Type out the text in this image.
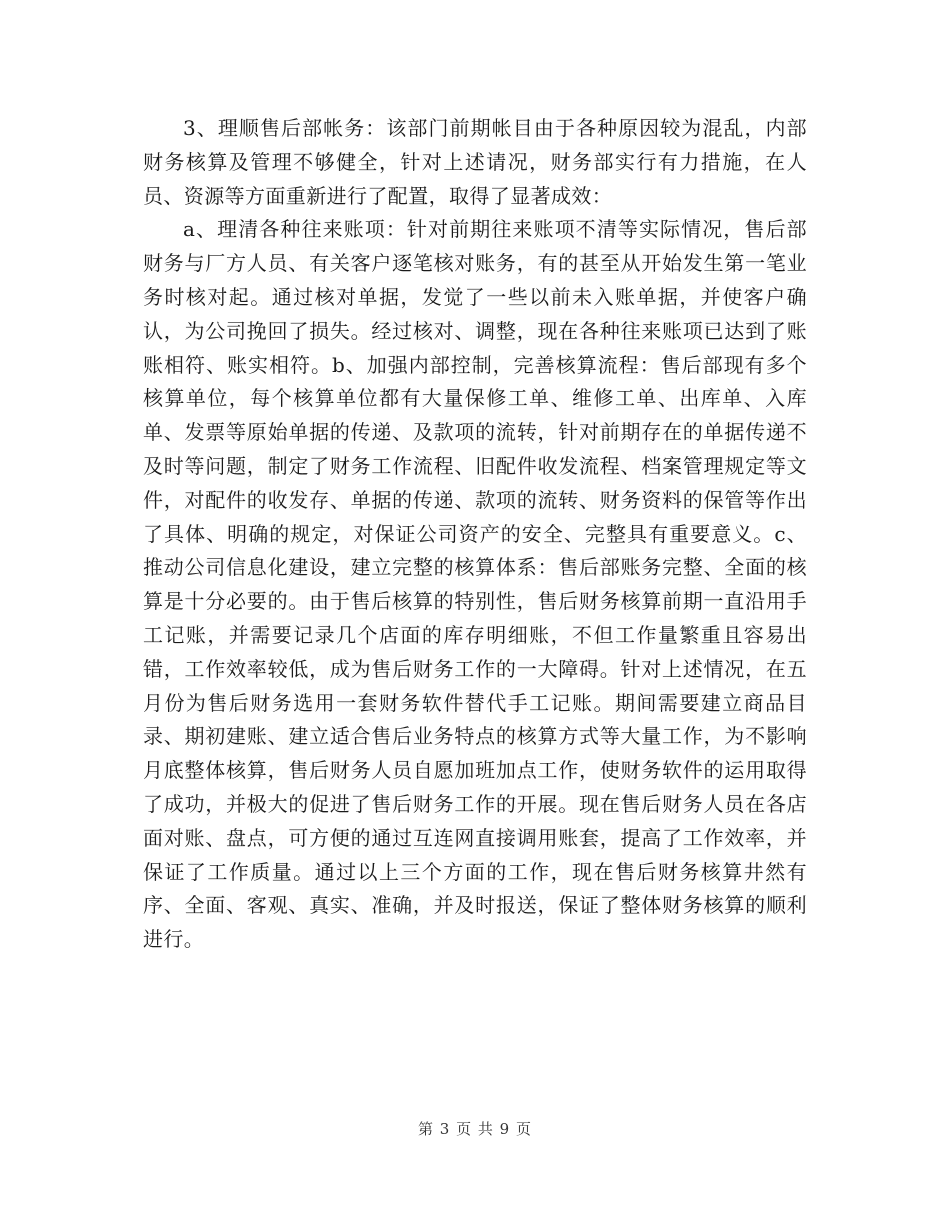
3、理顺售后部帐务：该部门前期帐目由于各种原因较为混乱，内部财务核算及管理不够健全，针对上述请况，财务部实行有力措施，在人员、资源等方面重新进行了配置，取得了显著成效：

a、理清各种往来账项：针对前期往来账项不清等实际情况，售后部财务与厂方人员、有关客户逐笔核对账务，有的甚至从开始发生第一笔业务时核对起。通过核对单据，发觉了一些以前未入账单据，并使客户确认，为公司挽回了损失。经过核对、调整，现在各种往来账项已达到了账账相符、账实相符。b、加强内部控制，完善核算流程：售后部现有多个核算单位，每个核算单位都有大量保修工单、维修工单、出库单、入库单、发票等原始单据的传递、及款项的流转，针对前期存在的单据传递不及时等问题，制定了财务工作流程、旧配件收发流程、档案管理规定等文件，对配件的收发存、单据的传递、款项的流转、财务资料的保管等作出了具体、明确的规定，对保证公司资产的安全、完整具有重要意义。c、推动公司信息化建设，建立完整的核算体系：售后部账务完整、全面的核算是十分必要的。由于售后核算的特别性，售后财务核算前期一直沿用手工记账，并需要记录几个店面的库存明细账，不但工作量繁重且容易出错，工作效率较低，成为售后财务工作的一大障碍。针对上述情况，在五月份为售后财务选用一套财务软件替代手工记账。期间需要建立商品目录、期初建账、建立适合售后业务特点的核算方式等大量工作，为不影响月底整体核算，售后财务人员自愿加班加点工作，使财务软件的运用取得了成功，并极大的促进了售后财务工作的开展。现在售后财务人员在各店面对账、盘点，可方便的通过互连网直接调用账套，提高了工作效率，并保证了工作质量。通过以上三个方面的工作，现在售后财务核算井然有序、全面、客观、真实、准确，并及时报送，保证了整体财务核算的顺利进行。

第 3 页 共 9 页
